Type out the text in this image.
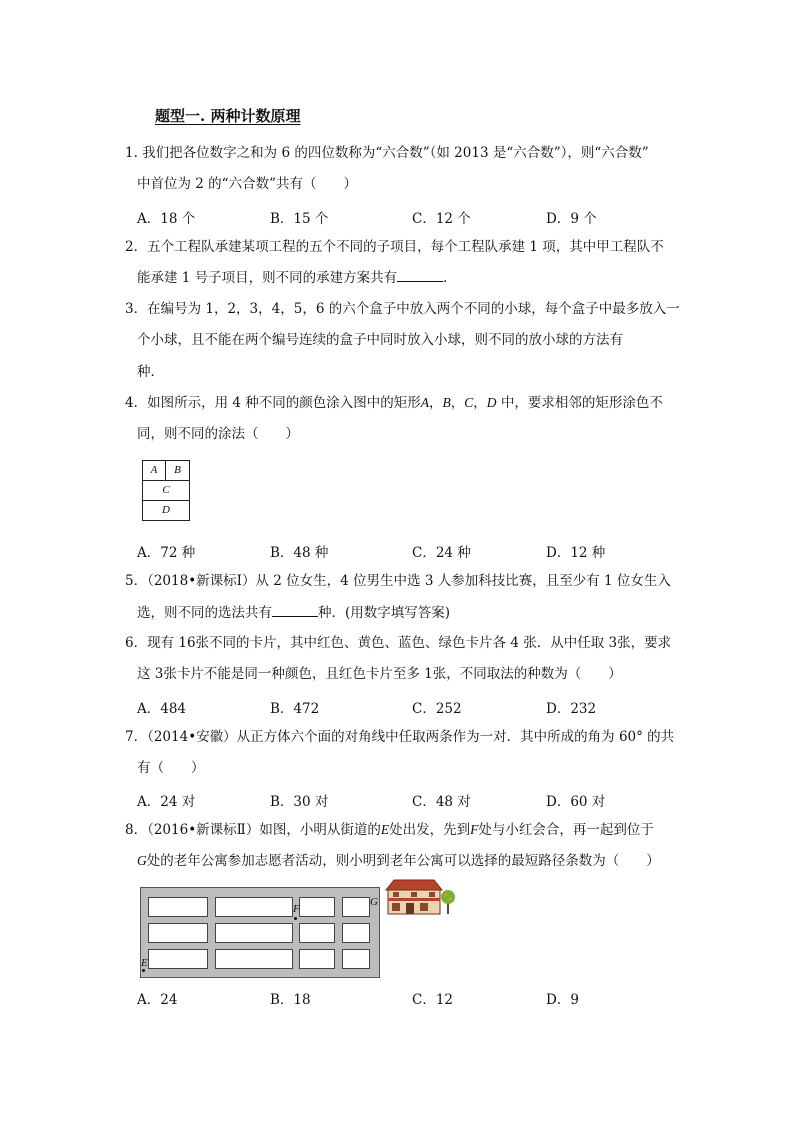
题型一. 两种计数原理
1. 我们把各位数字之和为 6 的四位数称为“六合数”（如 2013 是“六合数”），则“六合数”
中首位为 2 的“六合数”共有（　　）
A．18 个	B．15 个	C．12 个	D．9 个
2．五个工程队承建某项工程的五个不同的子项目，每个工程队承建 1 项，其中甲工程队不
能承建 1 号子项目，则不同的承建方案共有	．
3．在编号为 1，2，3，4，5，6 的六个盒子中放入两个不同的小球，每个盒子中最多放入一
个小球，且不能在两个编号连续的盒子中同时放入小球，则不同的放小球的方法有
种．
4．如图所示，用 4 种不同的颜色涂入图中的矩形A，B，C，D 中，要求相邻的矩形涂色不
同，则不同的涂法（　　）
A	B
C
D
A．72 种	B．48 种	C．24 种	D．12 种
5．（2018•新课标Ⅰ）从 2 位女生，4 位男生中选 3 人参加科技比赛，且至少有 1 位女生入
选，则不同的选法共有	种．(用数字填写答案)
6．现有 16张不同的卡片，其中红色、黄色、蓝色、绿色卡片各 4 张．从中任取 3张，要求
这 3张卡片不能是同一种颜色，且红色卡片至多 1张，不同取法的种数为（　　）
A．484	B．472	C．252	D．232
7．（2014•安徽）从正方体六个面的对角线中任取两条作为一对．其中所成的角为 60° 的共
有（　　）
A．24 对	B．30 对	C．48 对	D．60 对
8．（2016•新课标Ⅱ）如图，小明从街道的E处出发，先到F处与小红会合，再一起到位于
G处的老年公寓参加志愿者活动，则小明到老年公寓可以选择的最短路径条数为（　　）
F
E
G
A．24	B．18	C．12	D．9
